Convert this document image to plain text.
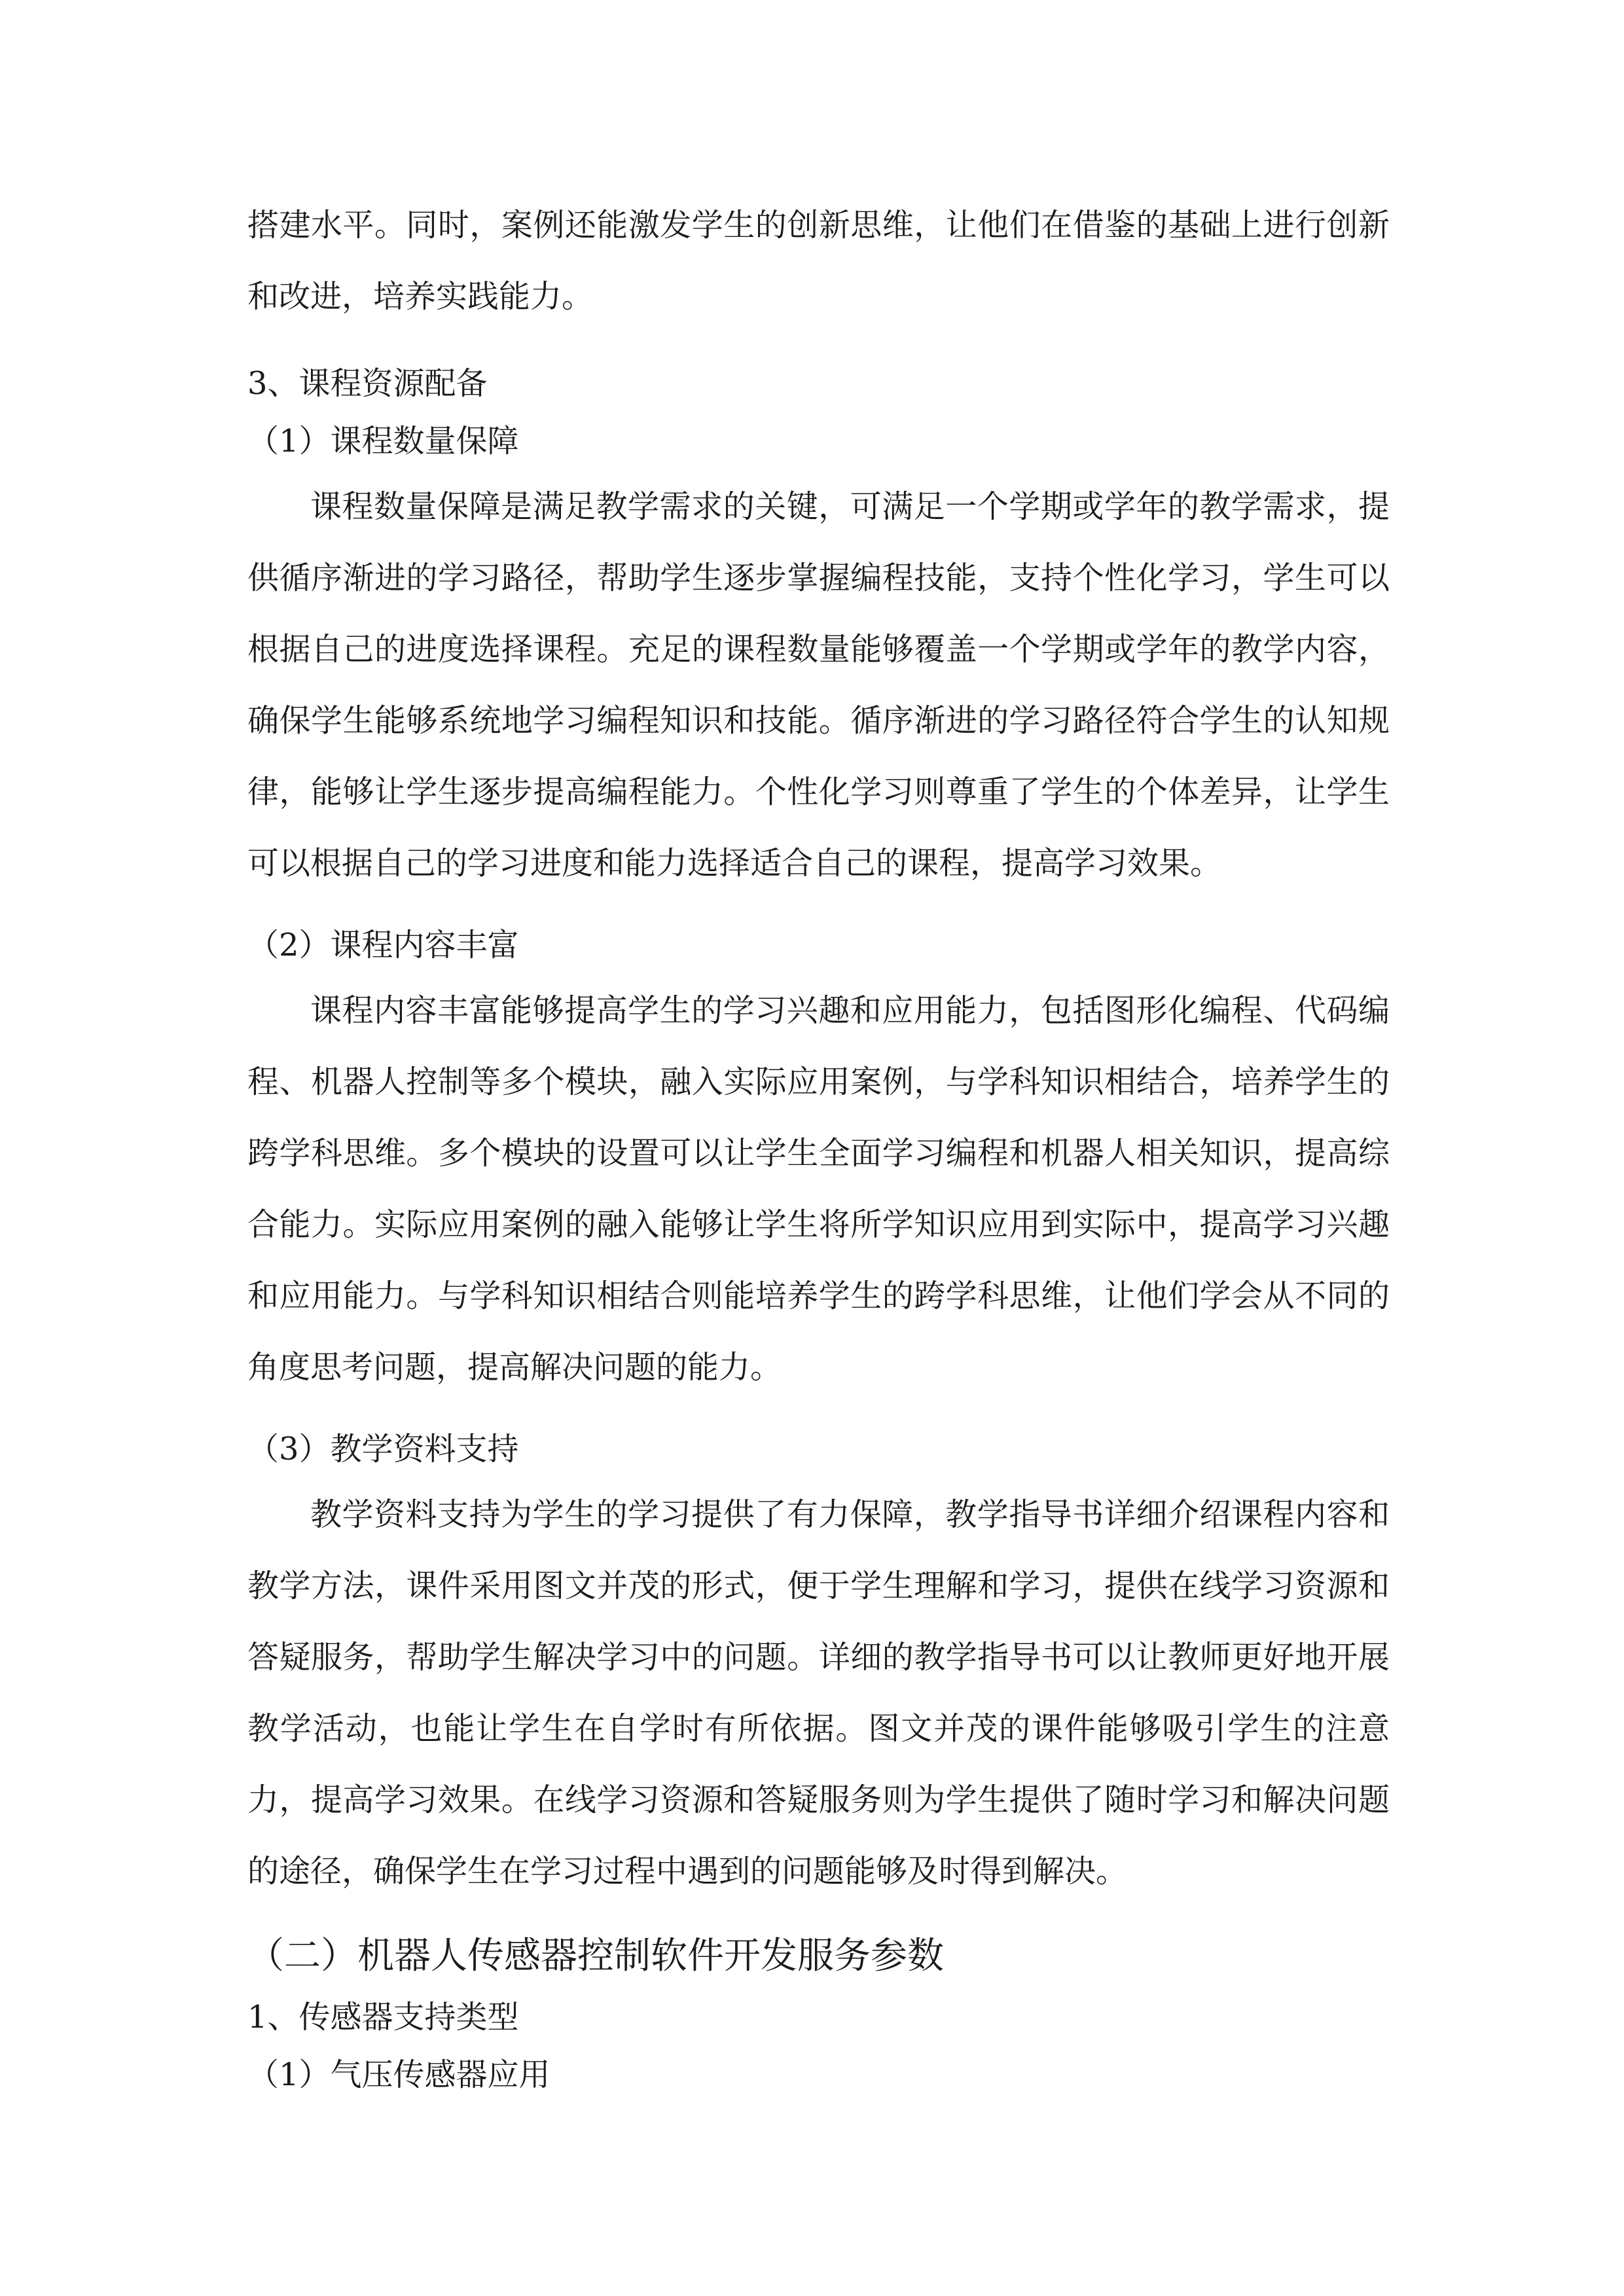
搭建水平。同时，案例还能激发学生的创新思维，让他们在借鉴的基础上进行创新和改进，培养实践能力。

3、课程资源配备
（1）课程数量保障

课程数量保障是满足教学需求的关键，可满足一个学期或学年的教学需求，提供循序渐进的学习路径，帮助学生逐步掌握编程技能，支持个性化学习，学生可以根据自己的进度选择课程。充足的课程数量能够覆盖一个学期或学年的教学内容，确保学生能够系统地学习编程知识和技能。循序渐进的学习路径符合学生的认知规律，能够让学生逐步提高编程能力。个性化学习则尊重了学生的个体差异，让学生可以根据自己的学习进度和能力选择适合自己的课程，提高学习效果。

（2）课程内容丰富

课程内容丰富能够提高学生的学习兴趣和应用能力，包括图形化编程、代码编程、机器人控制等多个模块，融入实际应用案例，与学科知识相结合，培养学生的跨学科思维。多个模块的设置可以让学生全面学习编程和机器人相关知识，提高综合能力。实际应用案例的融入能够让学生将所学知识应用到实际中，提高学习兴趣和应用能力。与学科知识相结合则能培养学生的跨学科思维，让他们学会从不同的角度思考问题，提高解决问题的能力。

（3）教学资料支持

教学资料支持为学生的学习提供了有力保障，教学指导书详细介绍课程内容和教学方法，课件采用图文并茂的形式，便于学生理解和学习，提供在线学习资源和答疑服务，帮助学生解决学习中的问题。详细的教学指导书可以让教师更好地开展教学活动，也能让学生在自学时有所依据。图文并茂的课件能够吸引学生的注意力，提高学习效果。在线学习资源和答疑服务则为学生提供了随时学习和解决问题的途径，确保学生在学习过程中遇到的问题能够及时得到解决。

（二）机器人传感器控制软件开发服务参数
1、传感器支持类型
（1）气压传感器应用
